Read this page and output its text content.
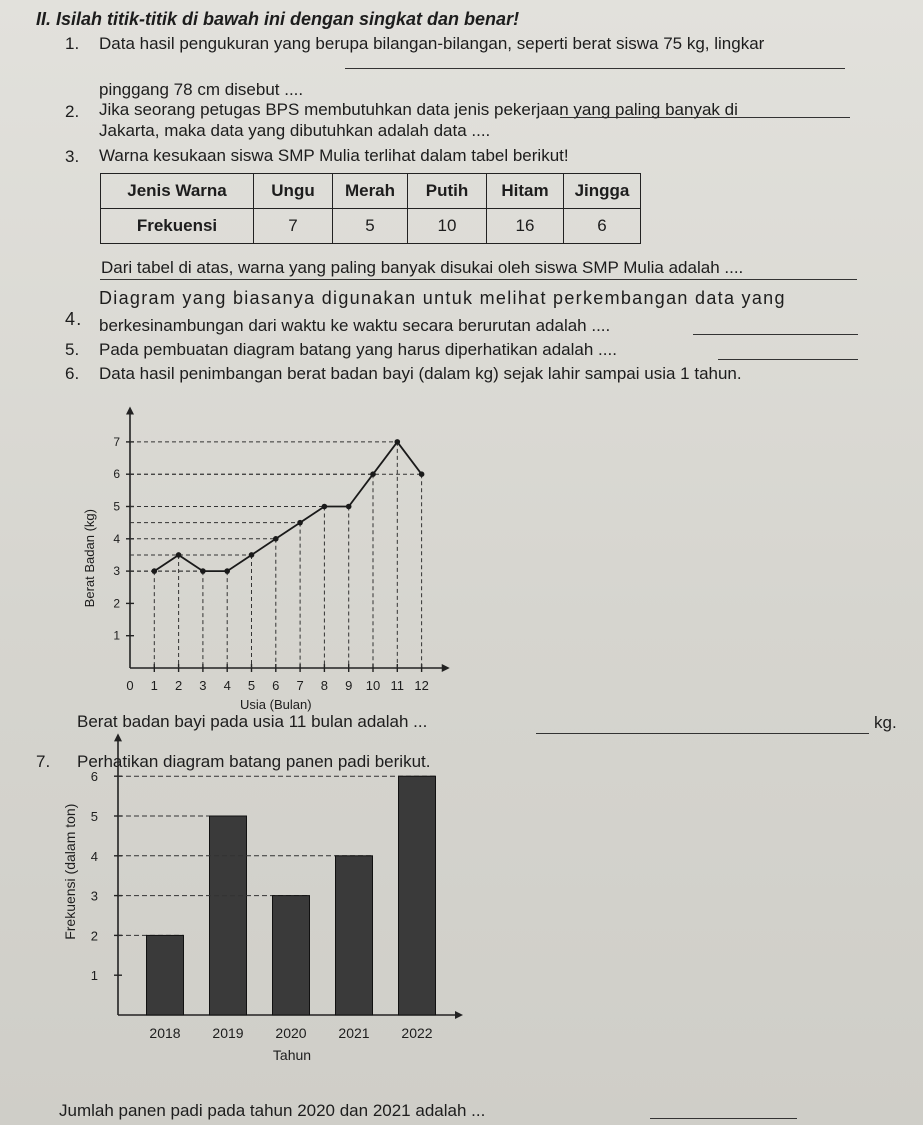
II. Isilah titik-titik di bawah ini dengan singkat dan benar!
1. Data hasil pengukuran yang berupa bilangan-bilangan, seperti berat siswa 75 kg, lingkar
pinggang 78 cm disebut ....
2. Jika seorang petugas BPS membutuhkan data jenis pekerjaan yang paling banyak di
Jakarta, maka data yang dibutuhkan adalah data ....
3. Warna kesukaan siswa SMP Mulia terlihat dalam tabel berikut!
Jenis Warna	Ungu	Merah	Putih	Hitam	Jingga
Frekuensi	7	5	10	16	6
Dari tabel di atas, warna yang paling banyak disukai oleh siswa SMP Mulia adalah ....
4.
Diagram yang biasanya digunakan untuk melihat perkembangan data yang
berkesinambungan dari waktu ke waktu secara berurutan adalah ....
5. Pada pembuatan diagram batang yang harus diperhatikan adalah ....
6. Data hasil penimbangan berat badan bayi (dalam kg) sejak lahir sampai usia 1 tahun.
1
2
3
4
5
6
7
0 1 2 3 4 5 6 7 8 9 10 11 12
Usia (Bulan)
Berat Badan (kg)
Berat badan bayi pada usia 11 bulan adalah ...	kg.
7. Perhatikan diagram batang panen padi berikut.
1
2
3
4
5
6
2018 2019 2020 2021 2022
Tahun
Frekuensi (dalam ton)
Jumlah panen padi pada tahun 2020 dan 2021 adalah ...
